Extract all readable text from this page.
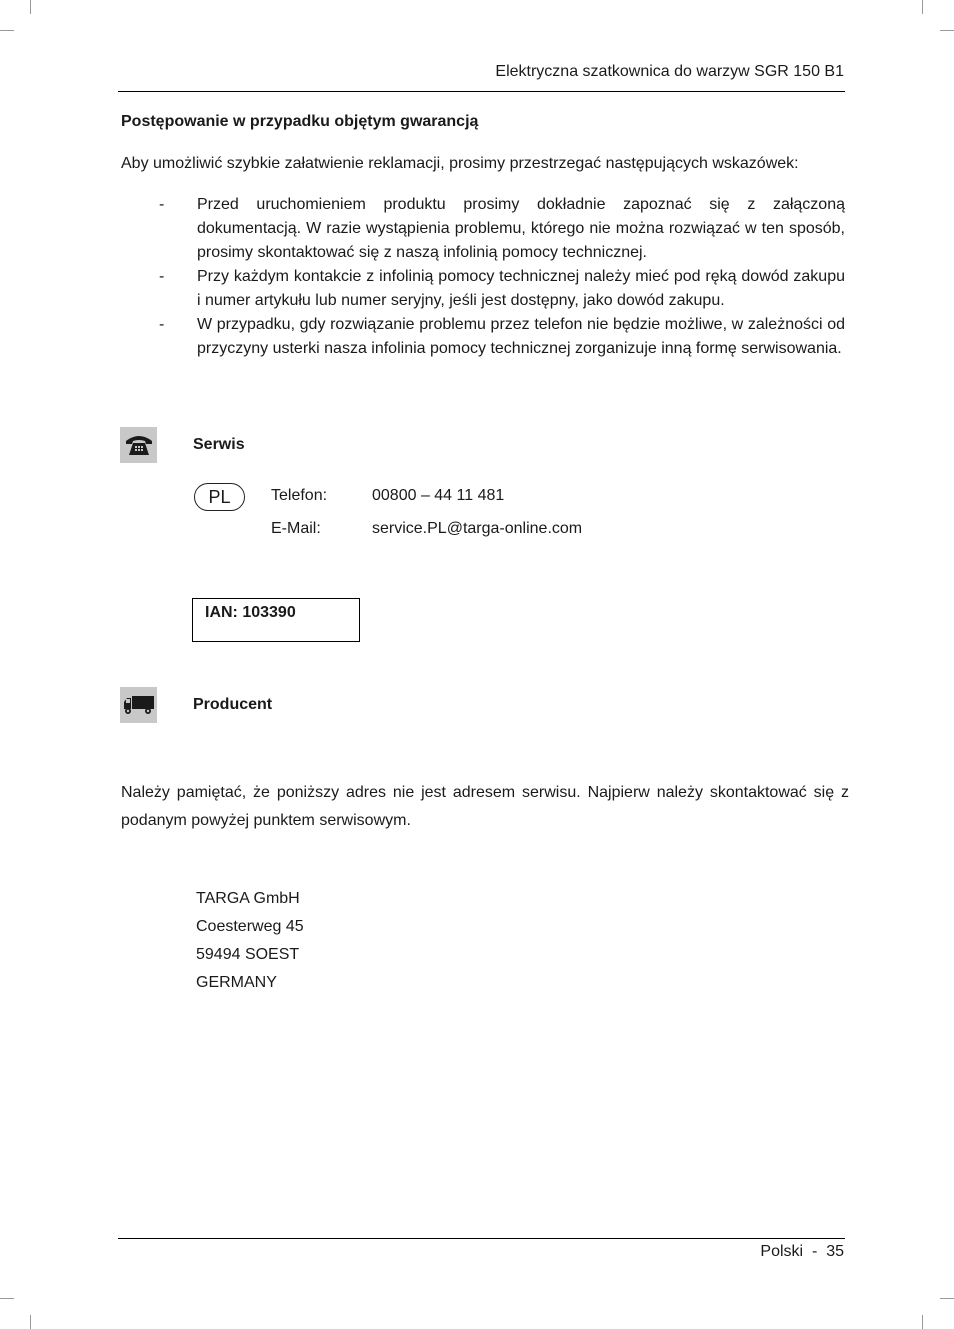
Elektryczna szatkownica do warzyw SGR 150 B1
Postępowanie w przypadku objętym gwarancją
Aby umożliwić szybkie załatwienie reklamacji, prosimy przestrzegać następujących wskazówek:
- Przed uruchomieniem produktu prosimy dokładnie zapoznać się z załączoną dokumentacją. W razie wystąpienia problemu, którego nie można rozwiązać w ten sposób, prosimy skontaktować się z naszą infolinią pomocy technicznej.
- Przy każdym kontakcie z infolinią pomocy technicznej należy mieć pod ręką dowód zakupu i numer artykułu lub numer seryjny, jeśli jest dostępny, jako dowód zakupu.
- W przypadku, gdy rozwiązanie problemu przez telefon nie będzie możliwe, w zależności od przyczyny usterki nasza infolinia pomocy technicznej zorganizuje inną formę serwisowania.
Serwis
PL	Telefon:	00800 – 44 11 481
E-Mail:	service.PL@targa-online.com
IAN: 103390
Producent
Należy pamiętać, że poniższy adres nie jest adresem serwisu. Najpierw należy skontaktować się z podanym powyżej punktem serwisowym.
TARGA GmbH
Coesterweg 45
59494 SOEST
GERMANY
Polski  -  35
